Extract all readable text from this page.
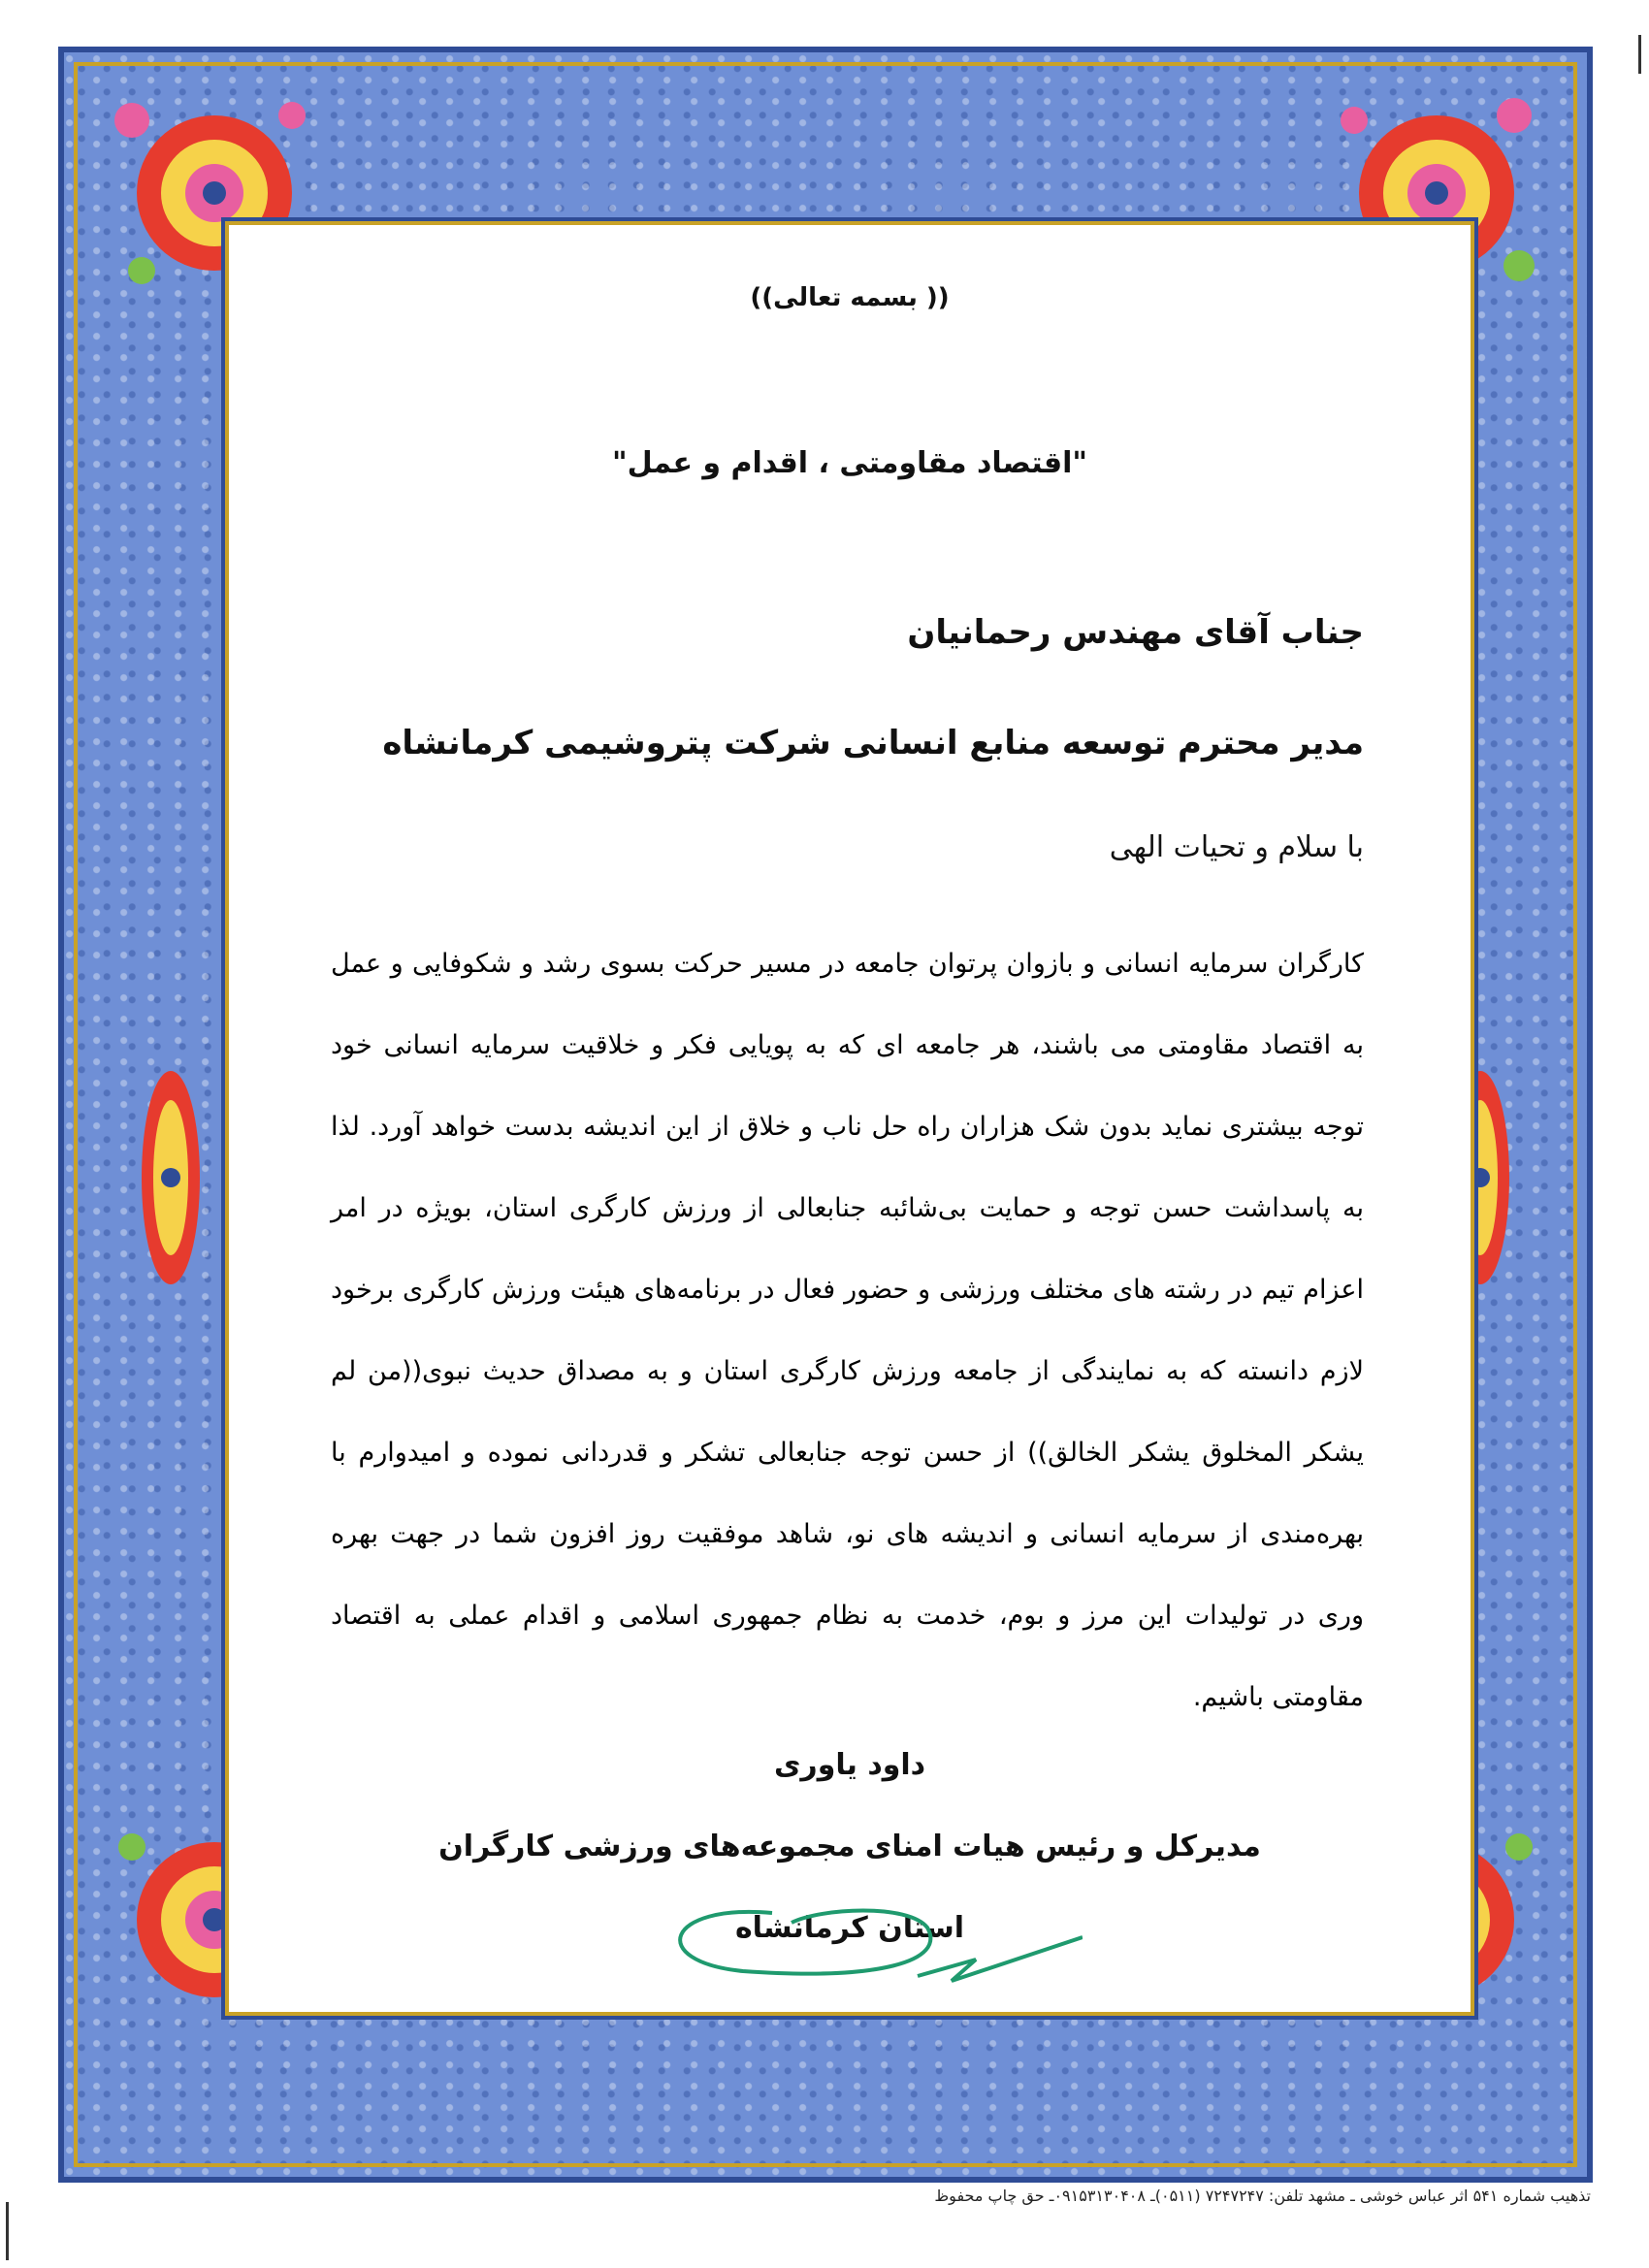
(( بسمه تعالی))
"اقتصاد مقاومتی ، اقدام و عمل"
جناب آقای مهندس رحمانیان
مدیر محترم توسعه منابع انسانی شرکت پتروشیمی کرمانشاه
با سلام و تحیات الهی
کارگران سرمایه انسانی و بازوان پرتوان جامعه در مسیر حرکت بسوی رشد و شکوفایی و عمل به اقتصاد مقاومتی می باشند، هر جامعه ای که به پویایی فکر و خلاقیت سرمایه انسانی خود توجه بیشتری نماید بدون شک هزاران راه حل ناب و خلاق از این اندیشه بدست خواهد آورد. لذا به پاسداشت حسن توجه و حمایت بی‌شائبه جنابعالی از ورزش کارگری استان، بویژه در امر اعزام تیم در رشته های مختلف ورزشی و حضور فعال در برنامه‌های هیئت ورزش کارگری برخود لازم دانسته که به نمایندگی از جامعه ورزش کارگری استان و به مصداق حدیث نبوی((من لم یشکر المخلوق یشکر الخالق)) از حسن توجه جنابعالی تشکر و قدردانی نموده و امیدوارم با بهره‌مندی از سرمایه انسانی و اندیشه های نو، شاهد موفقیت روز افزون شما در جهت بهره وری در تولیدات این مرز و بوم، خدمت به نظام جمهوری اسلامی و اقدام عملی به اقتصاد مقاومتی باشیم.
داود یاوری
مدیرکل و رئیس هیات امنای مجموعه‌های ورزشی کارگران
استان کرمانشاه
تذهیب شماره ۵۴۱ اثر عباس خوشی ـ مشهد تلفن: ۷۲۴۷۲۴۷ (۰۵۱۱)ـ ۰۹۱۵۳۱۳۰۴۰۸ـ حق چاپ محفوظ
